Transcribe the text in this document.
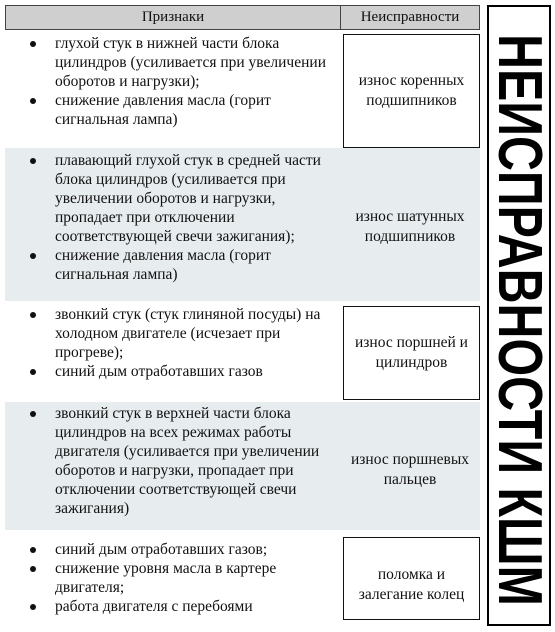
Признаки	Неисправности
глухой стук в нижней части блока
цилиндров (усиливается при увеличении
оборотов и нагрузки);
снижение давления масла (горит
сигнальная лампа)
износ коренных
подшипников
плавающий глухой стук в средней части
блока цилиндров (усиливается при
увеличении оборотов и нагрузки,
пропадает при отключении
соответствующей свечи зажигания);
снижение давления масла (горит
сигнальная лампа)
износ шатунных
подшипников
звонкий стук (стук глиняной посуды) на
холодном двигателе (исчезает при
прогреве);
синий дым отработавших газов
износ поршней и
цилиндров
звонкий стук в верхней части блока
цилиндров на всех режимах работы
двигателя (усиливается при увеличении
оборотов и нагрузки, пропадает при
отключении соответствующей свечи
зажигания)
износ поршневых
пальцев
синий дым отработавших газов;
снижение уровня масла в картере
двигателя;
работа двигателя с перебоями
поломка и
залегание колец НЕИСПРАВНОСТИ КШМ
